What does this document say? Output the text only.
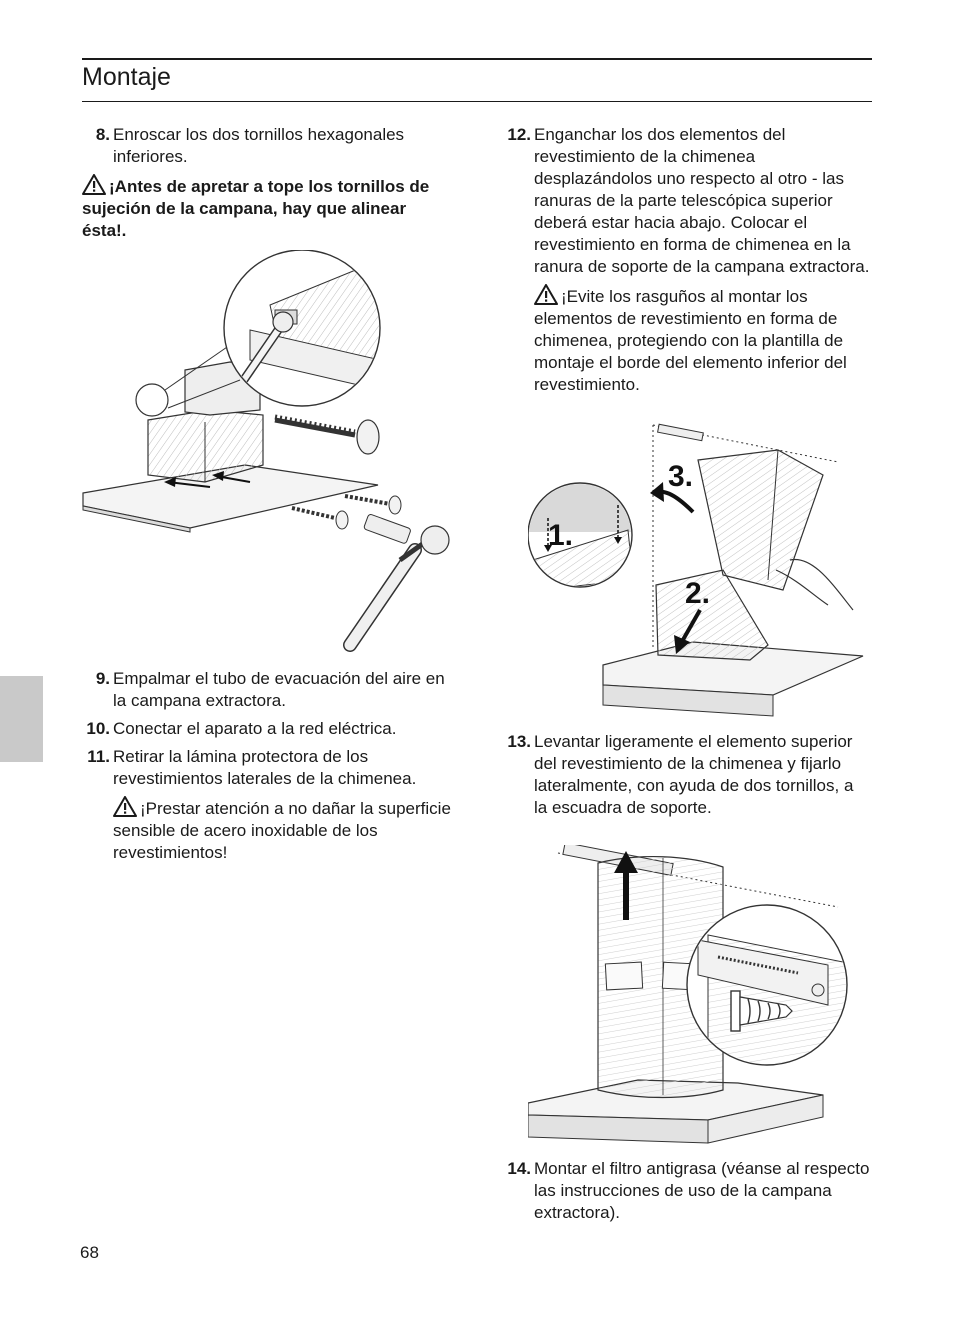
Montaje
8. Enroscar los dos tornillos hexagonales inferiores.
¡Antes de apretar a tope los tornillos de sujeción de la campana, hay que alinear ésta!.
9. Empalmar el tubo de evacuación del aire en la campana extractora.
10. Conectar el aparato a la red eléctrica.
11. Retirar la lámina protectora de los revestimientos laterales de la chimenea.
¡Prestar atención a no dañar la superficie sensible de acero inoxidable de los revestimientos!
12. Enganchar los dos elementos del revestimiento de la chimenea desplazándolos uno respecto al otro - las ranuras de la parte telescópica superior deberá estar hacia abajo. Colocar el revestimiento en forma de chimenea en la ranura de soporte de la campana extractora.
¡Evite los rasguños al montar los elementos de revestimiento en forma de chimenea, protegiendo con la plantilla de montaje el borde del elemento inferior del revestimiento.
1.
2.
3.
13. Levantar ligeramente el elemento superior del revestimiento de la chimenea y fijarlo lateralmente, con ayuda de dos tornillos, a la escuadra de soporte.
14. Montar el filtro antigrasa (véanse al respecto las instrucciones de uso de la campana extractora).
68
